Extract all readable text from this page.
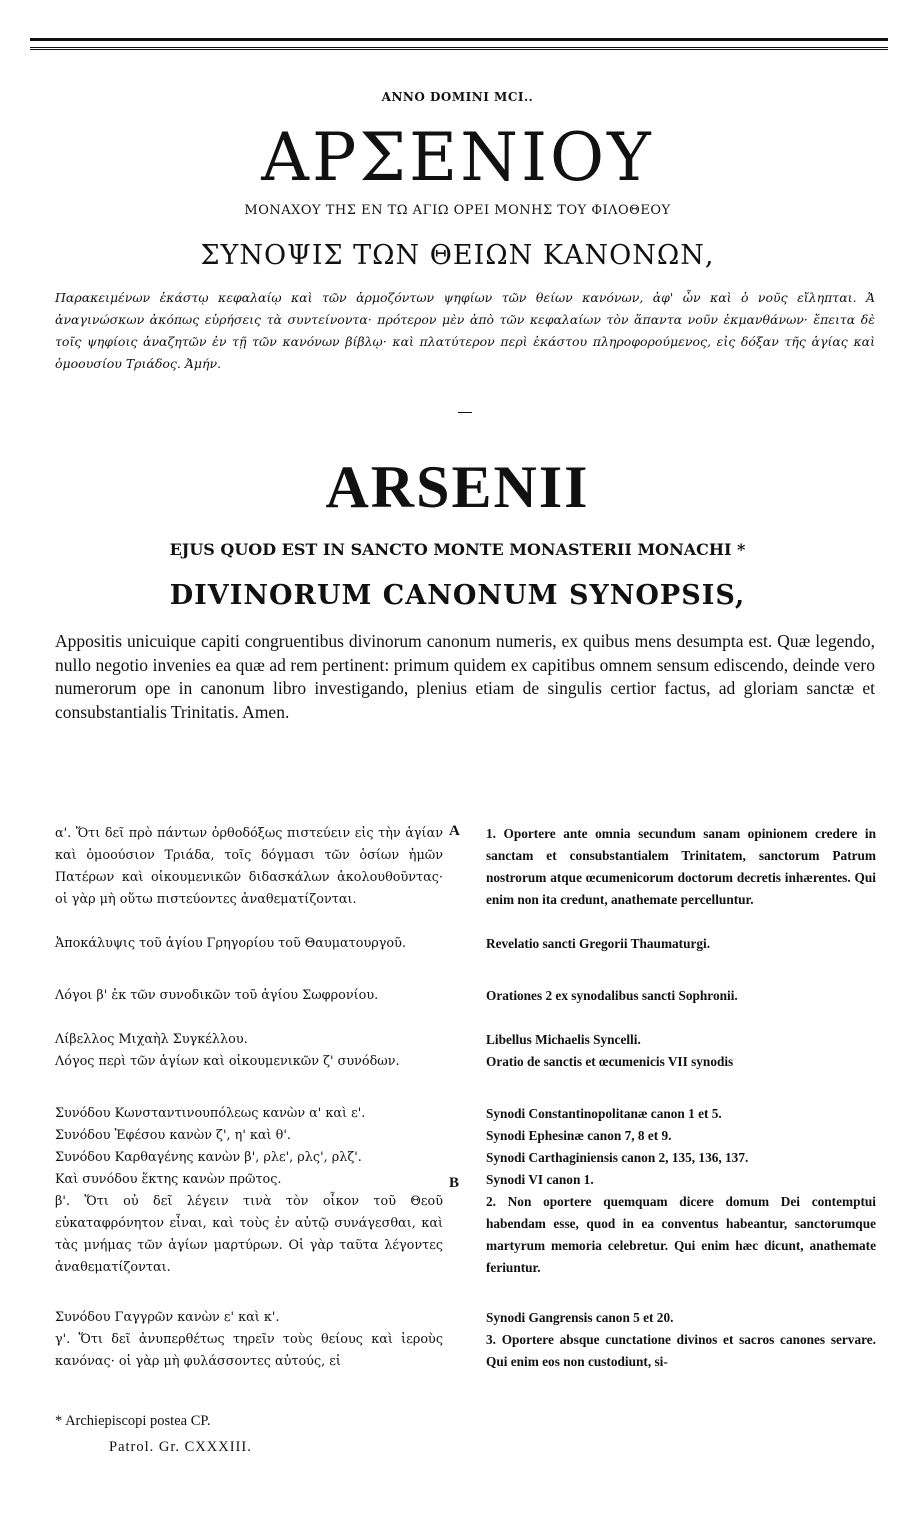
ANNO DOMINI MCI..
ΑΡΣΕΝΙΟΥ
ΜΟΝΑΧΟΥ ΤΗΣ ΕΝ ΤΩ ΑΓΙΩ ΟΡΕΙ ΜΟΝΗΣ ΤΟΥ ΦΙΛΟΘΕΟΥ
ΣΥΝΟΨΙΣ ΤΩΝ ΘΕΙΩΝ ΚΑΝΟΝΩΝ,

Παρακειμένων ἑκάστῳ κεφαλαίῳ καὶ τῶν ἁρμοζόντων ψηφίων τῶν θείων κανόνων, ἀφ' ὧν καὶ ὁ νοῦς εἴληπται. Ἀ ἀναγινώσκων ἀκόπως εὑρήσεις τὰ συντείνοντα· πρότερον μὲν ἀπὸ τῶν κεφαλαίων τὸν ἅπαντα νοῦν ἐκμανθάνων· ἔπειτα δὲ τοῖς ψηφίοις ἀναζητῶν ἐν τῇ τῶν κανόνων βίβλῳ· καὶ πλατύτερον περὶ ἑκάστου πληροφορούμενος, εἰς δόξαν τῆς ἁγίας καὶ ὁμοουσίου Τριάδος. Ἀμήν.

ARSENII
EJUS QUOD EST IN SANCTO MONTE MONASTERII MONACHI *
DIVINORUM CANONUM SYNOPSIS,

Appositis unicuique capiti congruentibus divinorum canonum numeris, ex quibus mens desumpta est. Quæ legendo, nullo negotio invenies ea quæ ad rem pertinent: primum quidem ex capitibus omnem sensum ediscendo, deinde vero numerorum ope in canonum libro investigando, plenius etiam de singulis certior factus, ad gloriam sanctæ et consubstantialis Trinitatis. Amen.

A
B

α'. Ὅτι δεῖ πρὸ πάντων ὀρθοδόξως πιστεύειν εἰς τὴν ἁγίαν καὶ ὁμοούσιον Τριάδα, τοῖς δόγμασι τῶν ὁσίων ἡμῶν Πατέρων καὶ οἰκουμενικῶν διδασκάλων ἀκολουθοῦντας· οἱ γὰρ μὴ οὕτω πιστεύοντες ἀναθεματίζονται.

Ἀποκάλυψις τοῦ ἁγίου Γρηγορίου τοῦ Θαυματουργοῦ.

Λόγοι β' ἐκ τῶν συνοδικῶν τοῦ ἁγίου Σωφρονίου.

Λίβελλος Μιχαὴλ Συγκέλλου.

Λόγος περὶ τῶν ἁγίων καὶ οἰκουμενικῶν ζ' συνόδων.

Συνόδου Κωνσταντινουπόλεως κανὼν α' καὶ ε'.

Συνόδου Ἐφέσου κανὼν ζ', η' καὶ θ'.

Συνόδου Καρθαγένης κανὼν β', ρλε', ρλς', ρλζ'.

Καὶ συνόδου ἕκτης κανὼν πρῶτος.

β'. Ὅτι οὐ δεῖ λέγειν τινὰ τὸν οἶκον τοῦ Θεοῦ εὐκαταφρόνητον εἶναι, καὶ τοὺς ἐν αὐτῷ συνάγεσθαι, καὶ τὰς μνήμας τῶν ἁγίων μαρτύρων. Οἱ γὰρ ταῦτα λέγοντες ἀναθεματίζονται.

Συνόδου Γαγγρῶν κανὼν ε' καὶ κ'.

γ'. Ὅτι δεῖ ἀνυπερθέτως τηρεῖν τοὺς θείους καὶ ἱεροὺς κανόνας· οἱ γὰρ μὴ φυλάσσοντες αὐτούς, εἰ

1. Oportere ante omnia secundum sanam opinionem credere in sanctam et consubstantialem Trinitatem, sanctorum Patrum nostrorum atque œcumenicorum doctorum decretis inhærentes. Qui enim non ita credunt, anathemate percelluntur.

Revelatio sancti Gregorii Thaumaturgi.

Orationes 2 ex synodalibus sancti Sophronii.

Libellus Michaelis Syncelli.

Oratio de sanctis et œcumenicis VII synodis

Synodi Constantinopolitanæ canon 1 et 5.

Synodi Ephesinæ canon 7, 8 et 9.

Synodi Carthaginiensis canon 2, 135, 136, 137.

Synodi VI canon 1.

2. Non oportere quemquam dicere domum Dei contemptui habendam esse, quod in ea conventus habeantur, sanctorumque martyrum memoria celebretur. Qui enim hæc dicunt, anathemate feriuntur.

Synodi Gangrensis canon 5 et 20.

3. Oportere absque cunctatione divinos et sacros canones servare. Qui enim eos non custodiunt, si-

* Archiepiscopi postea CP.
Patrol. Gr. CXXXIII.
